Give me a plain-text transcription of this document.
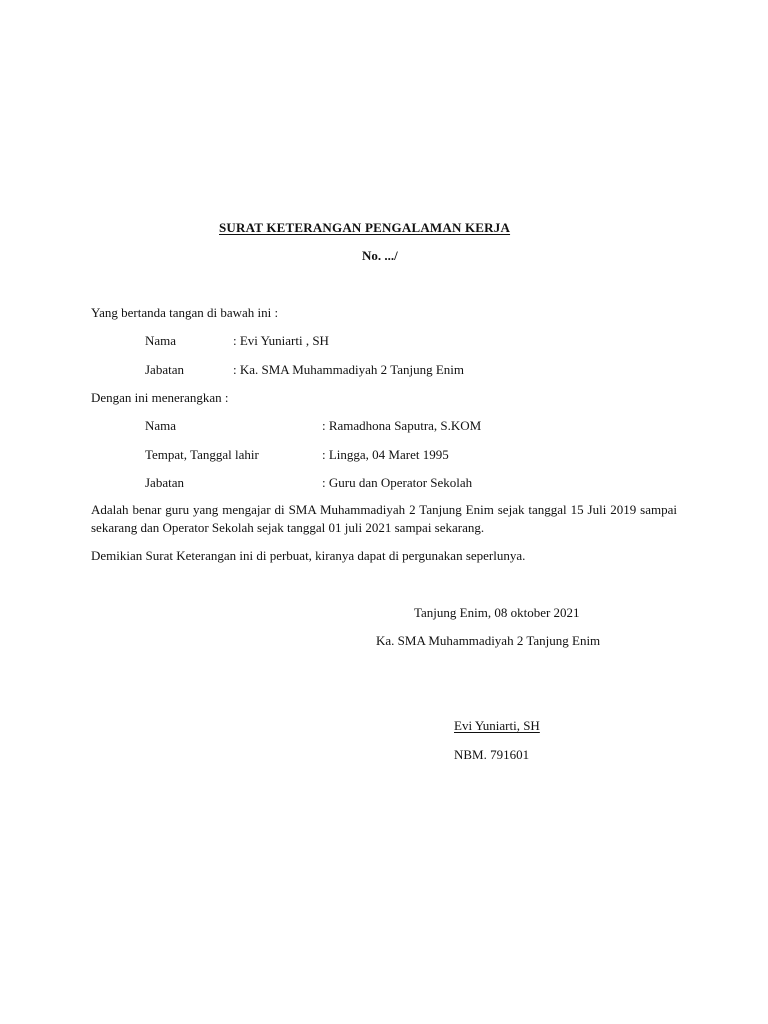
SURAT KETERANGAN PENGALAMAN KERJA
No. .../
Yang bertanda tangan di bawah ini :
Nama	: Evi Yuniarti , SH
Jabatan	: Ka. SMA Muhammadiyah 2 Tanjung Enim
Dengan ini menerangkan :
Nama	: Ramadhona Saputra, S.KOM
Tempat, Tanggal lahir	: Lingga, 04 Maret 1995
Jabatan	: Guru dan Operator Sekolah
Adalah benar guru yang mengajar di SMA Muhammadiyah 2 Tanjung Enim sejak tanggal 15 Juli 2019 sampai sekarang dan Operator Sekolah sejak tanggal 01 juli 2021 sampai sekarang.
Demikian Surat Keterangan ini di perbuat, kiranya dapat di pergunakan seperlunya.
Tanjung Enim, 08 oktober 2021
Ka. SMA Muhammadiyah 2 Tanjung Enim
Evi Yuniarti, SH
NBM. 791601
